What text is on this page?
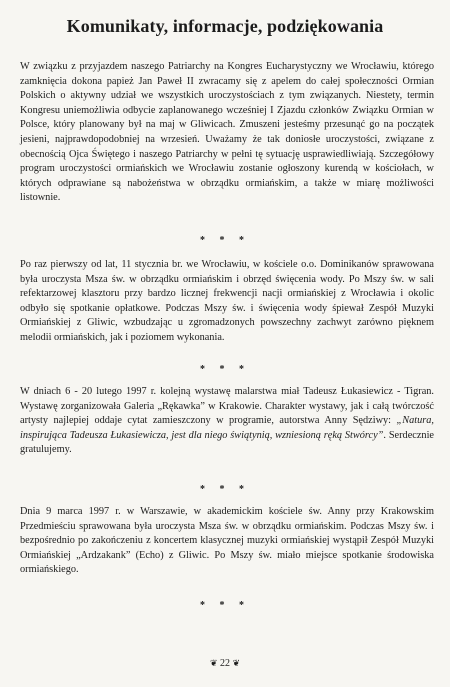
Komunikaty, informacje, podziękowania

W związku z przyjazdem naszego Patriarchy na Kongres Eucharystyczny we Wrocławiu, którego zamknięcia dokona papież Jan Paweł II zwracamy się z apelem do całej społeczności Ormian Polskich o aktywny udział we wszystkich uroczystościach z tym związanych. Niestety, termin Kongresu uniemożliwia odbycie zaplanowanego wcześniej I Zjazdu członków Związku Ormian w Polsce, który planowany był na maj w Gliwicach. Zmuszeni jesteśmy przesunąć go na początek jesieni, najprawdopodobniej na wrzesień. Uważamy że tak doniosłe uroczystości, związane z obecnością Ojca Świętego i naszego Patriarchy w pełni tę sytuację usprawiedliwiają. Szczegółowy program uroczystości ormiańskich we Wrocławiu zostanie ogłoszony kurendą w kościołach, w których odprawiane są nabożeństwa w obrządku ormiańskim, a także w miarę możliwości listownie.

* * *

Po raz pierwszy od lat, 11 stycznia br. we Wrocławiu, w kościele o.o. Dominikanów sprawowana była uroczysta Msza św. w obrządku ormiańskim i obrzęd święcenia wody. Po Mszy św. w sali refektarzowej klasztoru przy bardzo licznej frekwencji nacji ormiańskiej z Wrocławia i okolic odbyło się spotkanie opłatkowe. Podczas Mszy św. i święcenia wody śpiewał Zespół Muzyki Ormiańskiej z Gliwic, wzbudzając u zgromadzonych powszechny zachwyt zarówno pięknem melodii ormiańskich, jak i poziomem wykonania.

* * *

W dniach 6 - 20 lutego 1997 r. kolejną wystawę malarstwa miał Tadeusz Łukasiewicz - Tigran. Wystawę zorganizowała Galeria „Rękawka” w Krakowie. Charakter wystawy, jak i całą twórczość artysty najlepiej oddaje cytat zamieszczony w programie, autorstwa Anny Sędziwy: „Natura, inspirująca Tadeusza Łukasiewicza, jest dla niego świątynią, wzniesioną ręką Stwórcy”. Serdecznie gratulujemy.

* * *

Dnia 9 marca 1997 r. w Warszawie, w akademickim kościele św. Anny przy Krakowskim Przedmieściu sprawowana była uroczysta Msza św. w obrządku ormiańskim. Podczas Mszy św. i bezpośrednio po zakończeniu z koncertem klasycznej muzyki ormiańskiej wystąpił Zespół Muzyki Ormiańskiej „Ardzakank” (Echo) z Gliwic. Po Mszy św. miało miejsce spotkanie środowiska ormiańskiego.

* * *
❦ 22 ❦
